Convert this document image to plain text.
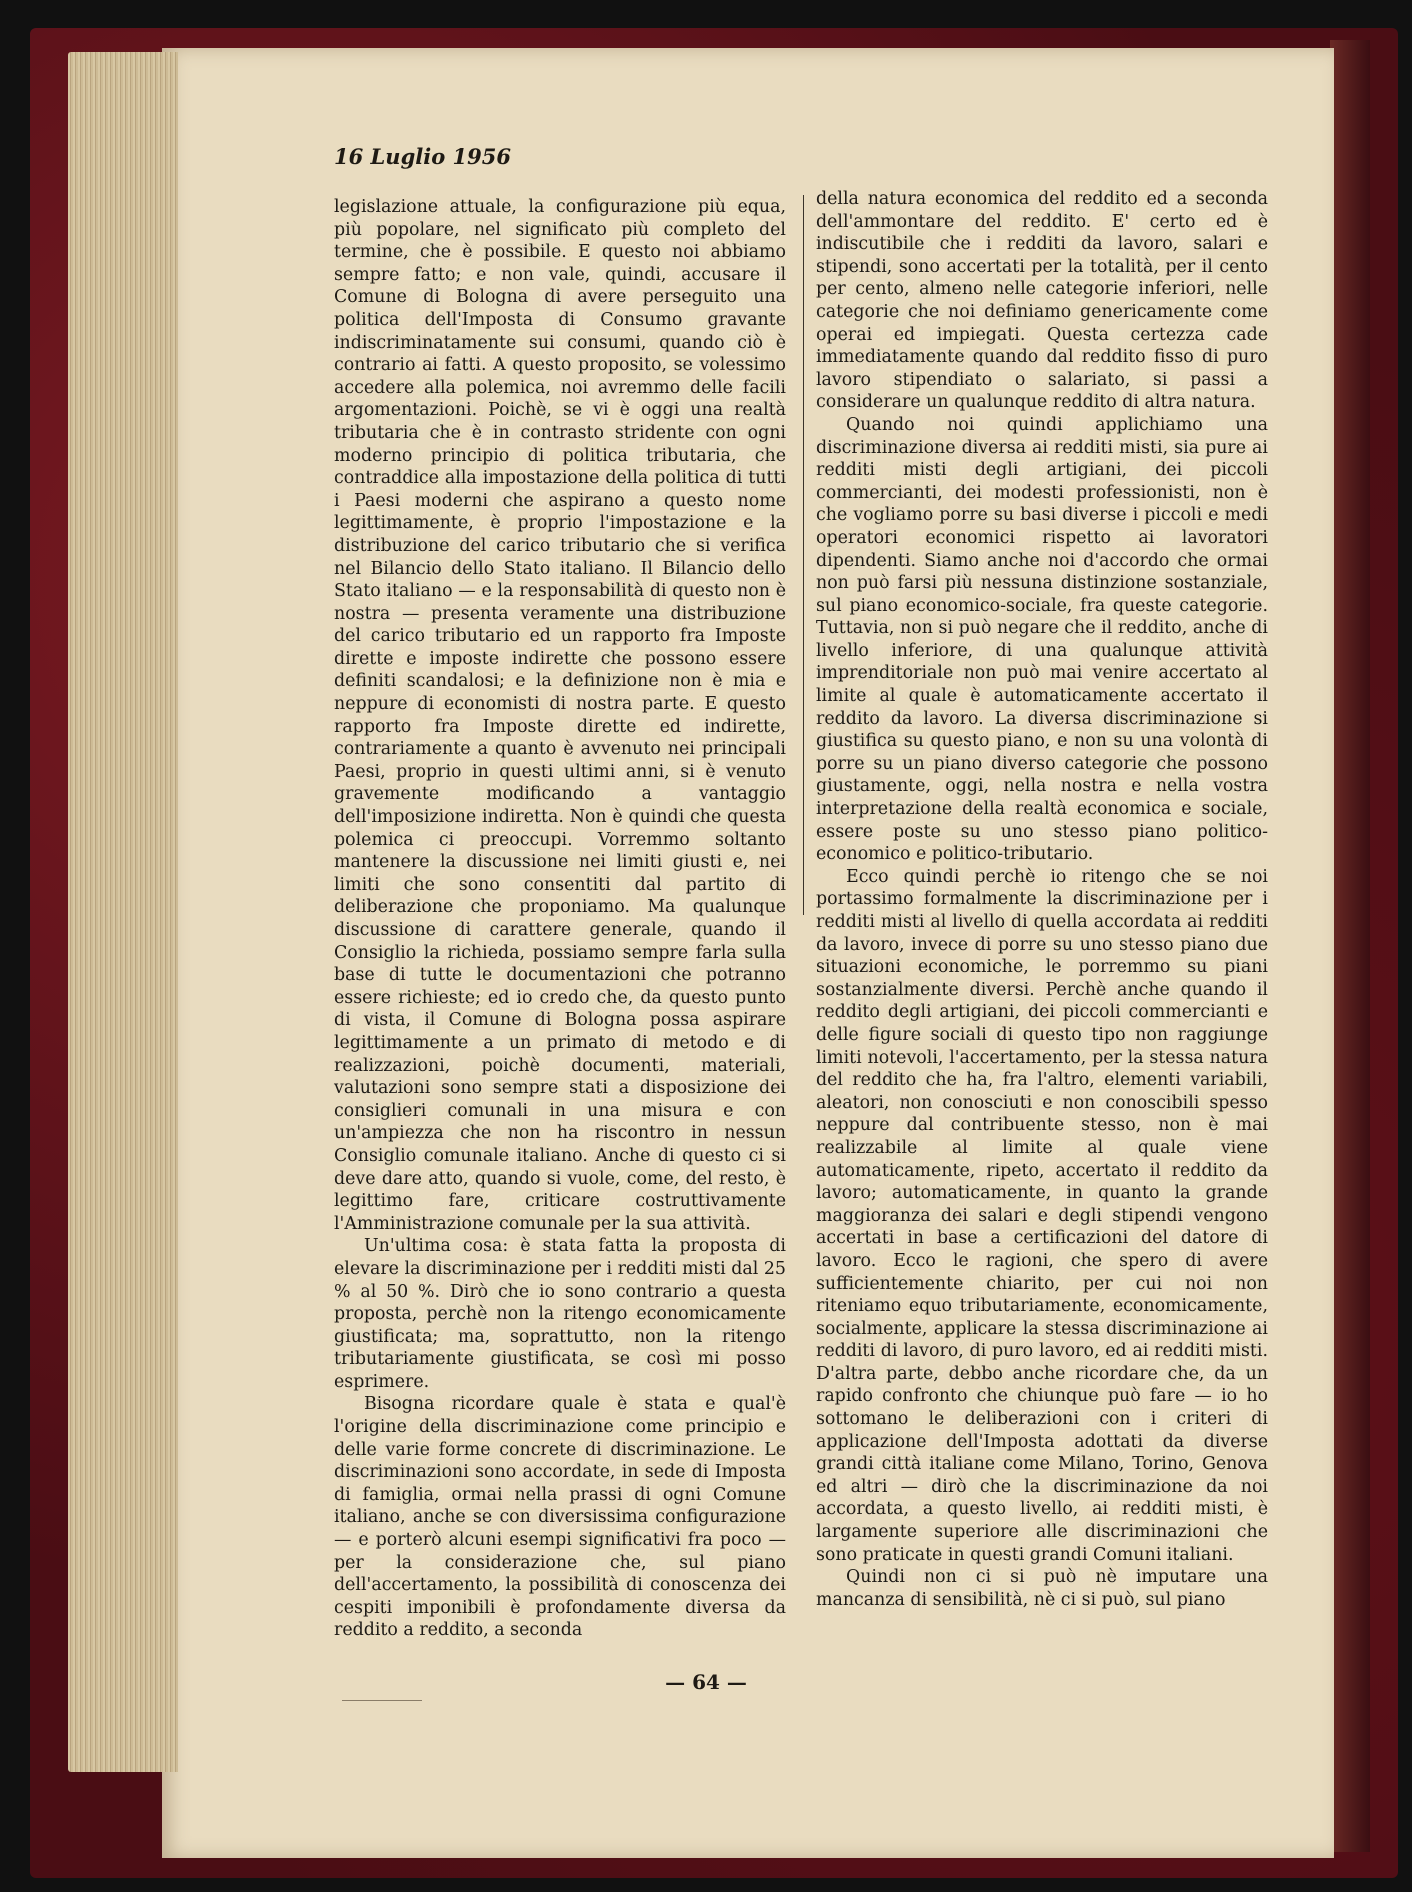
16 Luglio 1956

legislazione attuale, la configurazione più equa, più popolare, nel significato più completo del termine, che è possibile. E questo noi abbiamo sempre fatto; e non vale, quindi, accusare il Comune di Bologna di avere perseguito una politica dell'Imposta di Consumo gravante indiscriminatamente sui consumi, quando ciò è contrario ai fatti. A questo proposito, se volessimo accedere alla polemica, noi avremmo delle facili argomentazioni. Poichè, se vi è oggi una realtà tributaria che è in contrasto stridente con ogni moderno principio di politica tributaria, che contraddice alla impostazione della politica di tutti i Paesi moderni che aspirano a questo nome legittimamente, è proprio l'impostazione e la distribuzione del carico tributario che si verifica nel Bilancio dello Stato italiano. Il Bilancio dello Stato italiano — e la responsabilità di questo non è nostra — presenta veramente una distribuzione del carico tributario ed un rapporto fra Imposte dirette e imposte indirette che possono essere definiti scandalosi; e la definizione non è mia e neppure di economisti di nostra parte. E questo rapporto fra Imposte dirette ed indirette, contrariamente a quanto è avvenuto nei principali Paesi, proprio in questi ultimi anni, si è venuto gravemente modificando a vantaggio dell'imposizione indiretta. Non è quindi che questa polemica ci preoccupi. Vorremmo soltanto mantenere la discussione nei limiti giusti e, nei limiti che sono consentiti dal partito di deliberazione che proponiamo. Ma qualunque discussione di carattere generale, quando il Consiglio la richieda, possiamo sempre farla sulla base di tutte le documentazioni che potranno essere richieste; ed io credo che, da questo punto di vista, il Comune di Bologna possa aspirare legittimamente a un primato di metodo e di realizzazioni, poichè documenti, materiali, valutazioni sono sempre stati a disposizione dei consiglieri comunali in una misura e con un'ampiezza che non ha riscontro in nessun Consiglio comunale italiano. Anche di questo ci si deve dare atto, quando si vuole, come, del resto, è legittimo fare, criticare costruttivamente l'Amministrazione comunale per la sua attività.

Un'ultima cosa: è stata fatta la proposta di elevare la discriminazione per i redditi misti dal 25 % al 50 %. Dirò che io sono contrario a questa proposta, perchè non la ritengo economicamente giustificata; ma, soprattutto, non la ritengo tributariamente giustificata, se così mi posso esprimere.

Bisogna ricordare quale è stata e qual'è l'origine della discriminazione come principio e delle varie forme concrete di discriminazione. Le discriminazioni sono accordate, in sede di Imposta di famiglia, ormai nella prassi di ogni Comune italiano, anche se con diversissima configurazione — e porterò alcuni esempi significativi fra poco — per la considerazione che, sul piano dell'accertamento, la possibilità di conoscenza dei cespiti imponibili è profondamente diversa da reddito a reddito, a seconda

della natura economica del reddito ed a seconda dell'ammontare del reddito. E' certo ed è indiscutibile che i redditi da lavoro, salari e stipendi, sono accertati per la totalità, per il cento per cento, almeno nelle categorie inferiori, nelle categorie che noi definiamo genericamente come operai ed impiegati. Questa certezza cade immediatamente quando dal reddito fisso di puro lavoro stipendiato o salariato, si passi a considerare un qualunque reddito di altra natura.

Quando noi quindi applichiamo una discriminazione diversa ai redditi misti, sia pure ai redditi misti degli artigiani, dei piccoli commercianti, dei modesti professionisti, non è che vogliamo porre su basi diverse i piccoli e medi operatori economici rispetto ai lavoratori dipendenti. Siamo anche noi d'accordo che ormai non può farsi più nessuna distinzione sostanziale, sul piano economico-sociale, fra queste categorie. Tuttavia, non si può negare che il reddito, anche di livello inferiore, di una qualunque attività imprenditoriale non può mai venire accertato al limite al quale è automaticamente accertato il reddito da lavoro. La diversa discriminazione si giustifica su questo piano, e non su una volontà di porre su un piano diverso categorie che possono giustamente, oggi, nella nostra e nella vostra interpretazione della realtà economica e sociale, essere poste su uno stesso piano politico-economico e politico-tributario.

Ecco quindi perchè io ritengo che se noi portassimo formalmente la discriminazione per i redditi misti al livello di quella accordata ai redditi da lavoro, invece di porre su uno stesso piano due situazioni economiche, le porremmo su piani sostanzialmente diversi. Perchè anche quando il reddito degli artigiani, dei piccoli commercianti e delle figure sociali di questo tipo non raggiunge limiti notevoli, l'accertamento, per la stessa natura del reddito che ha, fra l'altro, elementi variabili, aleatori, non conosciuti e non conoscibili spesso neppure dal contribuente stesso, non è mai realizzabile al limite al quale viene automaticamente, ripeto, accertato il reddito da lavoro; automaticamente, in quanto la grande maggioranza dei salari e degli stipendi vengono accertati in base a certificazioni del datore di lavoro. Ecco le ragioni, che spero di avere sufficientemente chiarito, per cui noi non riteniamo equo tributariamente, economicamente, socialmente, applicare la stessa discriminazione ai redditi di lavoro, di puro lavoro, ed ai redditi misti. D'altra parte, debbo anche ricordare che, da un rapido confronto che chiunque può fare — io ho sottomano le deliberazioni con i criteri di applicazione dell'Imposta adottati da diverse grandi città italiane come Milano, Torino, Genova ed altri — dirò che la discriminazione da noi accordata, a questo livello, ai redditi misti, è largamente superiore alle discriminazioni che sono praticate in questi grandi Comuni italiani.

Quindi non ci si può nè imputare una mancanza di sensibilità, nè ci si può, sul piano

— 64 —
